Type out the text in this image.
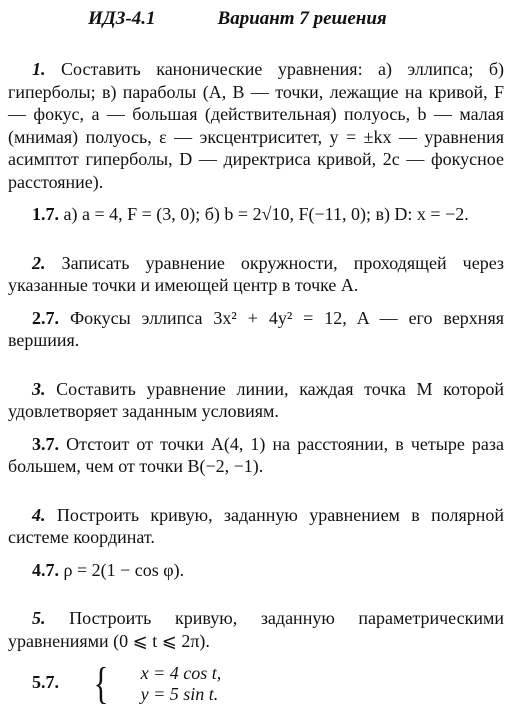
ИДЗ-4.1	Вариант 7 решения
1. Составить канонические уравнения: а) эллипса; б) гиперболы; в) параболы (A, B — точки, лежащие на кривой, F — фокус, a — большая (действительная) полуось, b — малая (мнимая) полуось, ε — эксцентриситет, y = ±kx — уравнения асимптот гиперболы, D — директриса кривой, 2c — фокусное расстояние).
1.7. а) a = 4, F = (3, 0); б) b = 2√10, F(−11, 0); в) D: x = −2.
2. Записать уравнение окружности, проходящей через указанные точки и имеющей центр в точке A.
2.7. Фокусы эллипса 3x² + 4y² = 12, A — его верхняя вершиия.
3. Составить уравнение линии, каждая точка M которой удовлетворяет заданным условиям.
3.7. Отстоит от точки A(4, 1) на расстоянии, в четыре раза большем, чем от точки B(−2, −1).
4. Построить кривую, заданную уравнением в полярной системе координат.
4.7. ρ = 2(1 − cos φ).
5. Построить кривую, заданную параметрическими уравнениями (0 ⩽ t ⩽ 2π).
5.7. {	x = 4 cos t,
y = 5 sin t.
